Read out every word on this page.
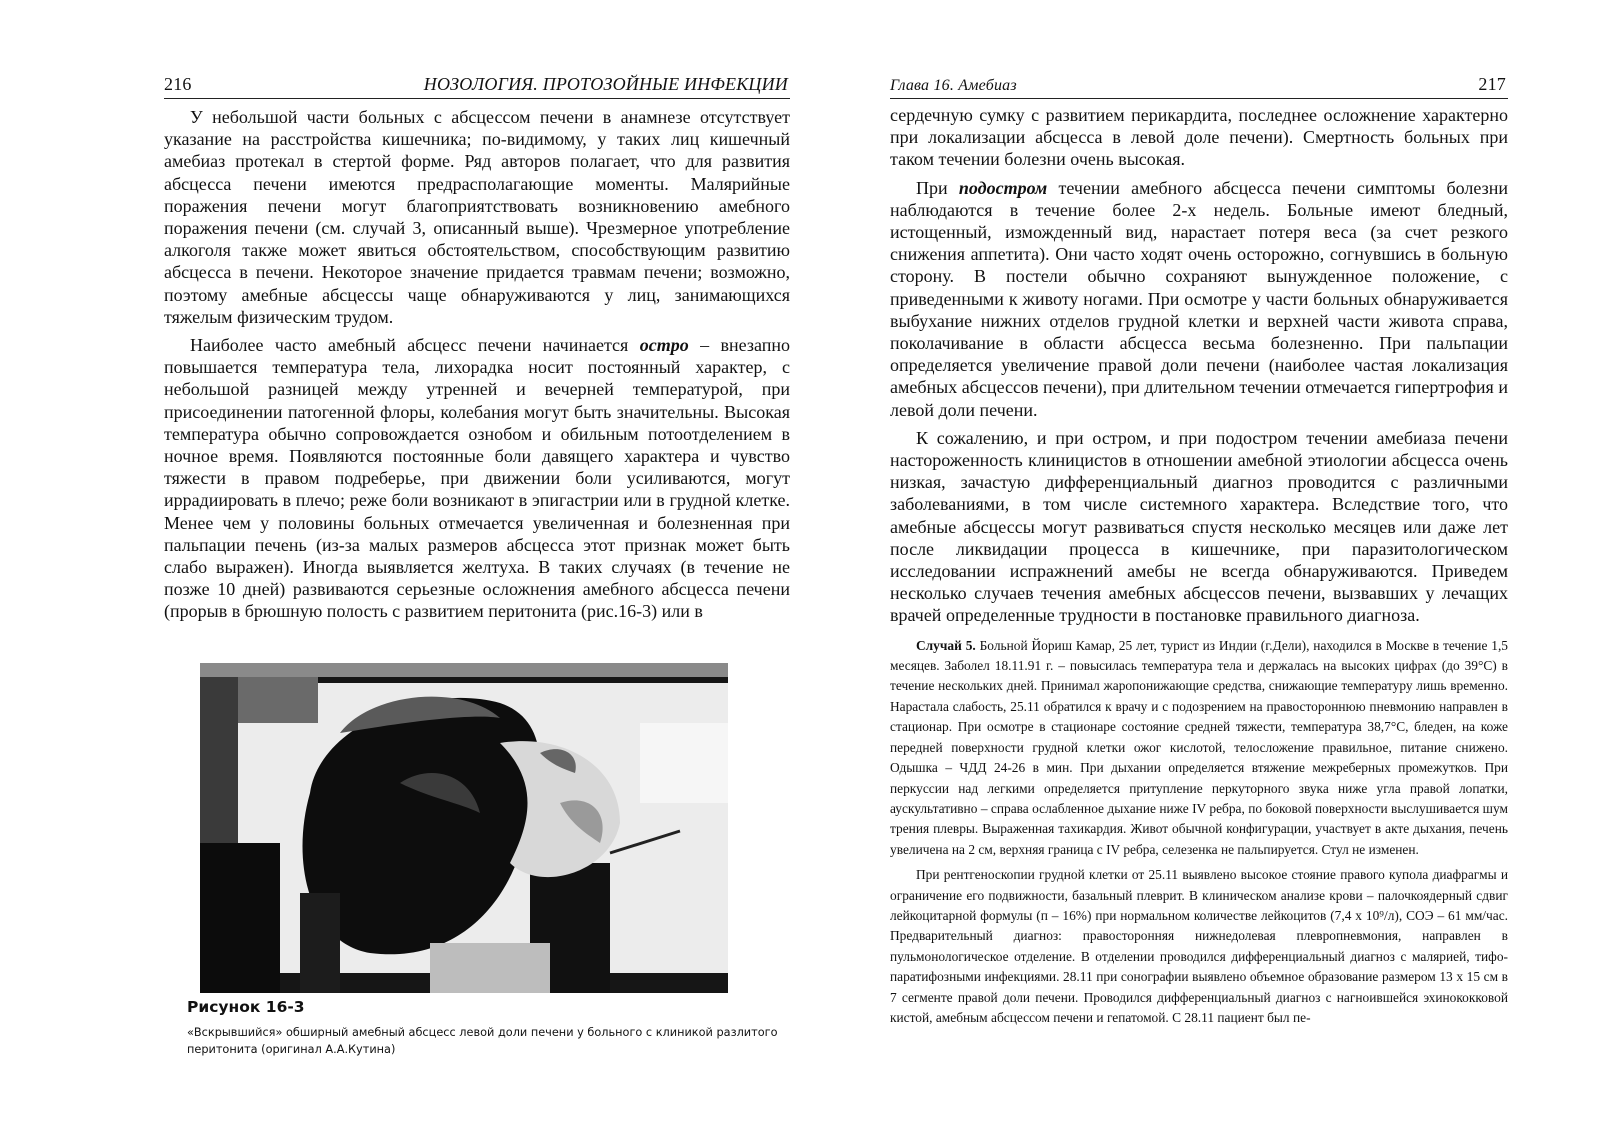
216	НОЗОЛОГИЯ. ПРОТОЗОЙНЫЕ ИНФЕКЦИИ

У небольшой части больных с абсцессом печени в анамнезе отсутствует указание на расстройства кишечника; по-видимому, у таких лиц кишечный амебиаз протекал в стертой форме. Ряд авторов полагает, что для развития абсцесса печени имеются предрасполагающие моменты. Малярийные поражения печени могут благоприятствовать возникновению амебного поражения печени (см. случай 3, описанный выше). Чрезмерное употребление алкоголя также может явиться обстоятельством, способствующим развитию абсцесса в печени. Некоторое значение придается травмам печени; возможно, поэтому амебные абсцессы чаще обнаруживаются у лиц, занимающихся тяжелым физическим трудом.

Наиболее часто амебный абсцесс печени начинается остро – внезапно повышается температура тела, лихорадка носит постоянный характер, с небольшой разницей между утренней и вечерней температурой, при присоединении патогенной флоры, колебания могут быть значительны. Высокая температура обычно сопровождается ознобом и обильным потоотделением в ночное время. Появляются постоянные боли давящего характера и чувство тяжести в правом подреберье, при движении боли усиливаются, могут иррадиировать в плечо; реже боли возникают в эпигастрии или в грудной клетке. Менее чем у половины больных отмечается увеличенная и болезненная при пальпации печень (из-за малых размеров абсцесса этот признак может быть слабо выражен). Иногда выявляется желтуха. В таких случаях (в течение не позже 10 дней) развиваются серьезные осложнения амебного абсцесса печени (прорыв в брюшную полость с развитием перитонита (рис.16-3) или в

Рисунок 16-3

«Вскрывшийся» обширный амебный абсцесс левой доли печени у больного с клиникой разлитого перитонита (оригинал А.А.Кутина)

Глава 16. Амебиаз	217

сердечную сумку с развитием перикардита, последнее осложнение характерно при локализации абсцесса в левой доле печени). Смертность больных при таком течении болезни очень высокая.

При подостром течении амебного абсцесса печени симптомы болезни наблюдаются в течение более 2-х недель. Больные имеют бледный, истощенный, изможденный вид, нарастает потеря веса (за счет резкого снижения аппетита). Они часто ходят очень осторожно, согнувшись в больную сторону. В постели обычно сохраняют вынужденное положение, с приведенными к животу ногами. При осмотре у части больных обнаруживается выбухание нижних отделов грудной клетки и верхней части живота справа, поколачивание в области абсцесса весьма болезненно. При пальпации определяется увеличение правой доли печени (наиболее частая локализация амебных абсцессов печени), при длительном течении отмечается гипертрофия и левой доли печени.

К сожалению, и при остром, и при подостром течении амебиаза печени настороженность клиницистов в отношении амебной этиологии абсцесса очень низкая, зачастую дифференциальный диагноз проводится с различными заболеваниями, в том числе системного характера. Вследствие того, что амебные абсцессы могут развиваться спустя несколько месяцев или даже лет после ликвидации процесса в кишечнике, при паразитологическом исследовании испражнений амебы не всегда обнаруживаются. Приведем несколько случаев течения амебных абсцессов печени, вызвавших у лечащих врачей определенные трудности в постановке правильного диагноза.

Случай 5. Больной Йориш Камар, 25 лет, турист из Индии (г.Дели), находился в Москве в течение 1,5 месяцев. Заболел 18.11.91 г. – повысилась температура тела и держалась на высоких цифрах (до 39°С) в течение нескольких дней. Принимал жаропонижающие средства, снижающие температуру лишь временно. Нарастала слабость, 25.11 обратился к врачу и с подозрением на правостороннюю пневмонию направлен в стационар. При осмотре в стационаре состояние средней тяжести, температура 38,7°С, бледен, на коже передней поверхности грудной клетки ожог кислотой, телосложение правильное, питание снижено. Одышка – ЧДД 24-26 в мин. При дыхании определяется втяжение межреберных промежутков. При перкуссии над легкими определяется притупление перкуторного звука ниже угла правой лопатки, аускультативно – справа ослабленное дыхание ниже IV ребра, по боковой поверхности выслушивается шум трения плевры. Выраженная тахикардия. Живот обычной конфигурации, участвует в акте дыхания, печень увеличена на 2 см, верхняя граница с IV ребра, селезенка не пальпируется. Стул не изменен.

При рентгеноскопии грудной клетки от 25.11 выявлено высокое стояние правого купола диафрагмы и ограничение его подвижности, базальный плеврит. В клиническом анализе крови – палочкоядерный сдвиг лейкоцитарной формулы (п – 16%) при нормальном количестве лейкоцитов (7,4 х 10⁹/л), СОЭ – 61 мм/час. Предварительный диагноз: правосторонняя нижнедолевая плевропневмония, направлен в пульмонологическое отделение. В отделении проводился дифференциальный диагноз с малярией, тифо-паратифозными инфекциями. 28.11 при сонографии выявлено объемное образование размером 13 х 15 см в 7 сегменте правой доли печени. Проводился дифференциальный диагноз с нагноившейся эхинококковой кистой, амебным абсцессом печени и гепатомой. С 28.11 пациент был пе-
